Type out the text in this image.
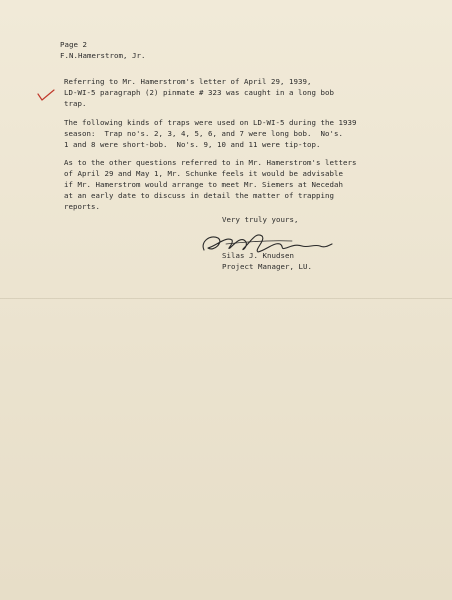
Page 2
F.N.Hamerstrom, Jr.
Referring to Mr. Hamerstrom's letter of April 29, 1939,
LD-WI-5 paragraph (2) pinmate # 323 was caught in a long bob
trap.
The following kinds of traps were used on LD-WI-5 during the 1939
season:  Trap no's. 2, 3, 4, 5, 6, and 7 were long bob.  No's.
1 and 8 were short-bob.  No's. 9, 10 and 11 were tip-top.
As to the other questions referred to in Mr. Hamerstrom's letters
of April 29 and May 1, Mr. Schunke feels it would be advisable
if Mr. Hamerstrom would arrange to meet Mr. Siemers at Necedah
at an early date to discuss in detail the matter of trapping
reports.
Very truly yours,
Silas J. Knudsen
Project Manager, LU.
